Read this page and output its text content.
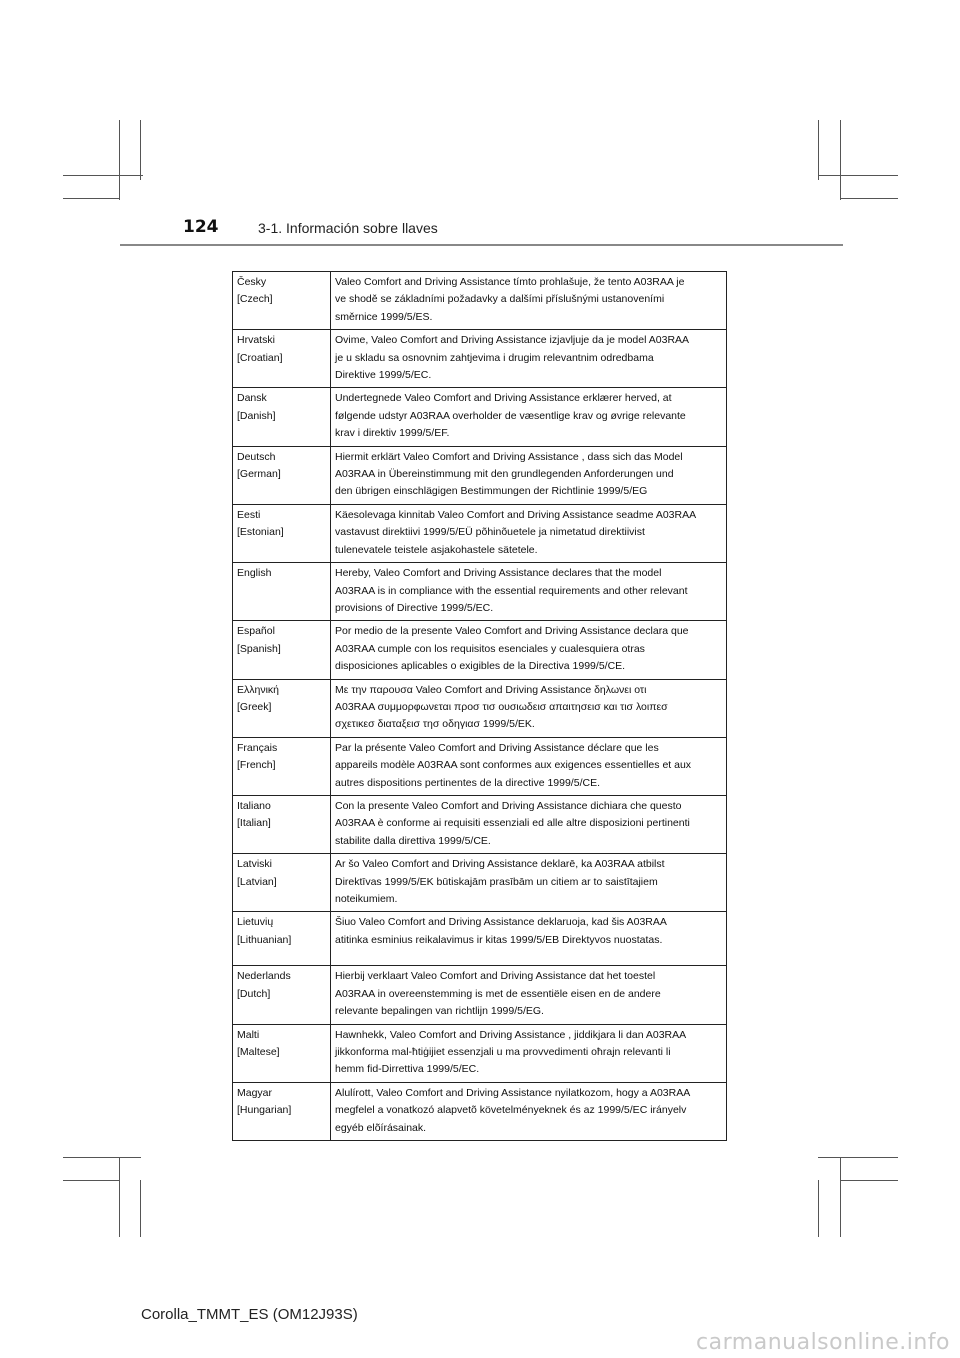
124	3-1. Información sobre llaves
Česky
[Czech]	Valeo Comfort and Driving Assistance tímto prohlašuje, že tento A03RAA je
ve shodě se základními požadavky a dalšími příslušnými ustanoveními
směrnice 1999/5/ES.

Hrvatski
[Croatian]	Ovime, Valeo Comfort and Driving Assistance izjavljuje da je model A03RAA
je u skladu sa osnovnim zahtjevima i drugim relevantnim odredbama
Direktive 1999/5/EC.

Dansk
[Danish]	Undertegnede Valeo Comfort and Driving Assistance erklærer herved, at
følgende udstyr A03RAA overholder de væsentlige krav og øvrige relevante
krav i direktiv 1999/5/EF.

Deutsch
[German]	Hiermit erklärt Valeo Comfort and Driving Assistance , dass sich das Model
A03RAA in Übereinstimmung mit den grundlegenden Anforderungen und
den übrigen einschlägigen Bestimmungen der Richtlinie 1999/5/EG

Eesti
[Estonian]	Käesolevaga kinnitab Valeo Comfort and Driving Assistance seadme A03RAA
vastavust direktiivi 1999/5/EÜ põhinõuetele ja nimetatud direktiivist
tulenevatele teistele asjakohastele sätetele.

English	Hereby, Valeo Comfort and Driving Assistance declares that the model
A03RAA is in compliance with the essential requirements and other relevant
provisions of Directive 1999/5/EC.

Español
[Spanish]	Por medio de la presente Valeo Comfort and Driving Assistance declara que
A03RAA cumple con los requisitos esenciales y cualesquiera otras
disposiciones aplicables o exigibles de la Directiva 1999/5/CE.

Ελληνική
[Greek]	Με την παρουσα Valeo Comfort and Driving Assistance δηλωνει οτι
A03RAA συμμορφωνεται προσ τισ ουσιωδεισ απαιτησεισ και τισ λοιπεσ
σχετικεσ διαταξεισ τησ οδηγιασ 1999/5/ΕΚ.

Français
[French]	Par la présente Valeo Comfort and Driving Assistance déclare que les
appareils modèle A03RAA sont conformes aux exigences essentielles et aux
autres dispositions pertinentes de la directive 1999/5/CE.

Italiano
[Italian]	Con la presente Valeo Comfort and Driving Assistance dichiara che questo
A03RAA è conforme ai requisiti essenziali ed alle altre disposizioni pertinenti
stabilite dalla direttiva 1999/5/CE.

Latviski
[Latvian]	Ar šo Valeo Comfort and Driving Assistance deklarē, ka A03RAA atbilst
Direktīvas 1999/5/EK būtiskajām prasībām un citiem ar to saistītajiem
noteikumiem.

Lietuvių
[Lithuanian]	Šiuo Valeo Comfort and Driving Assistance deklaruoja, kad šis A03RAA
atitinka esminius reikalavimus ir kitas 1999/5/EB Direktyvos nuostatas.

Nederlands
[Dutch]	Hierbij verklaart Valeo Comfort and Driving Assistance dat het toestel
A03RAA in overeenstemming is met de essentiële eisen en de andere
relevante bepalingen van richtlijn 1999/5/EG.

Malti
[Maltese]	Hawnhekk, Valeo Comfort and Driving Assistance , jiddikjara li dan A03RAA
jikkonforma mal-ħtiġijiet essenzjali u ma provvedimenti oħrajn relevanti li
hemm fid-Dirrettiva 1999/5/EC.

Magyar
[Hungarian]	Alulírott, Valeo Comfort and Driving Assistance nyilatkozom, hogy a A03RAA
megfelel a vonatkozó alapvetõ követelményeknek és az 1999/5/EC irányelv
egyéb elõírásainak.
Corolla_TMMT_ES (OM12J93S)
carmanualsonline.info
